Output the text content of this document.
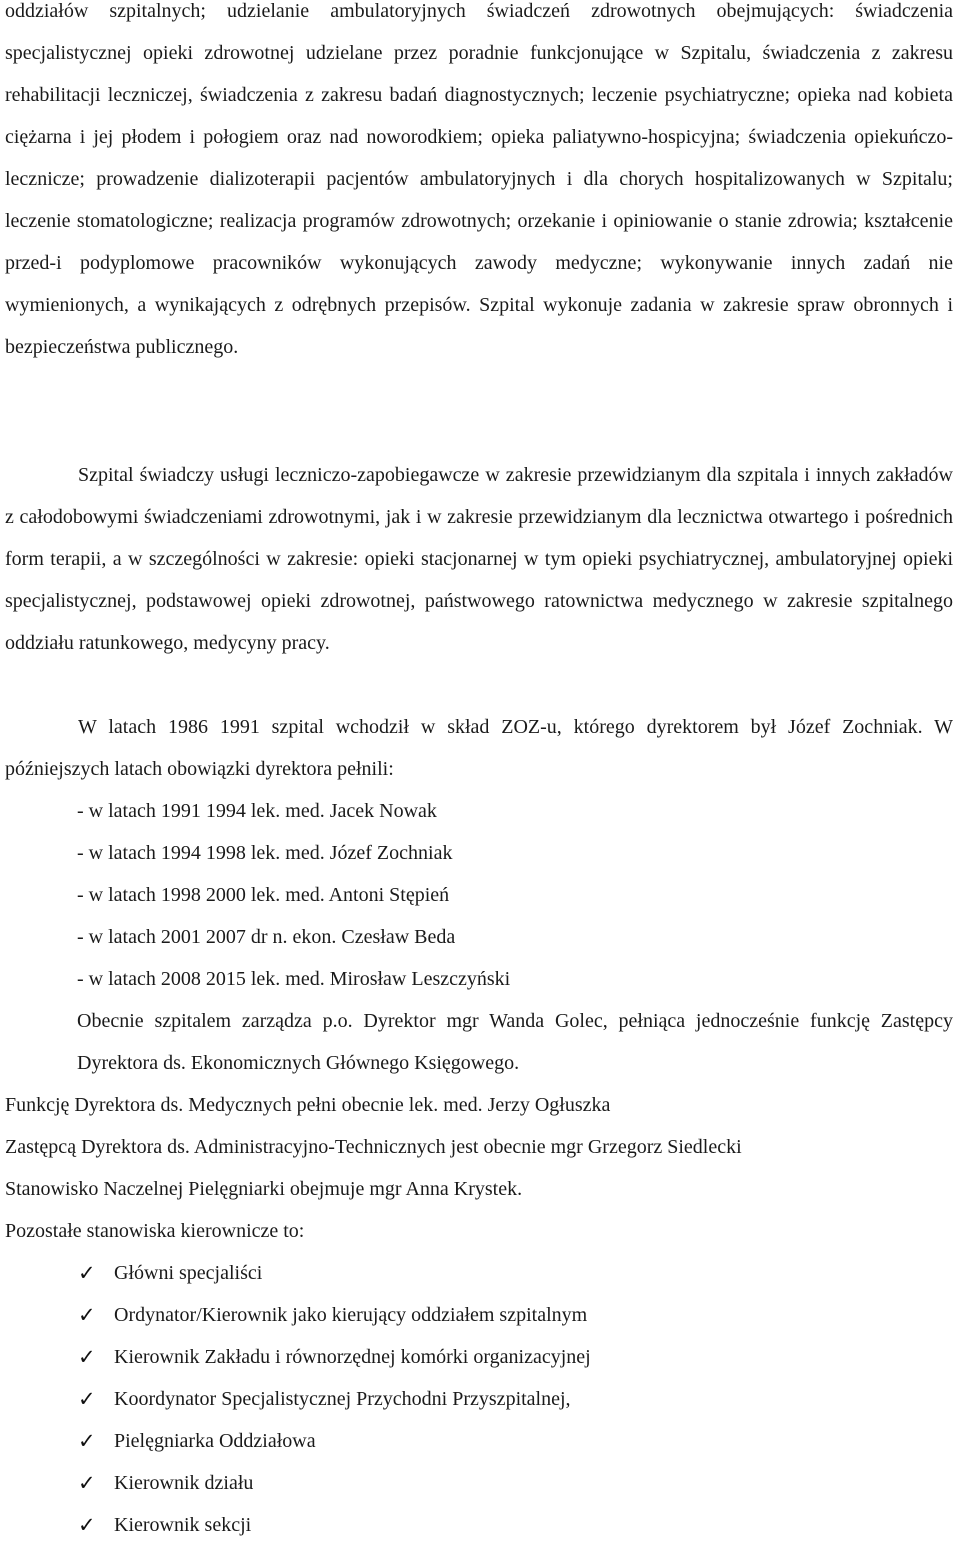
oddziałów szpitalnych; udzielanie ambulatoryjnych świadczeń zdrowotnych obejmujących: świadczenia specjalistycznej opieki zdrowotnej udzielane przez poradnie funkcjonujące w Szpitalu, świadczenia z zakresu rehabilitacji leczniczej, świadczenia z zakresu badań diagnostycznych; leczenie psychiatryczne; opieka nad kobieta ciężarna i jej płodem i połogiem oraz nad noworodkiem; opieka paliatywno-hospicyjna; świadczenia opiekuńczo-lecznicze; prowadzenie dializoterapii pacjentów ambulatoryjnych i dla chorych hospitalizowanych w Szpitalu; leczenie stomatologiczne; realizacja programów zdrowotnych; orzekanie i opiniowanie o stanie zdrowia; kształcenie przed-i podyplomowe pracowników wykonujących zawody medyczne; wykonywanie innych zadań nie wymienionych, a wynikających z odrębnych przepisów. Szpital wykonuje zadania w zakresie spraw obronnych i bezpieczeństwa publicznego.

Szpital świadczy usługi leczniczo-zapobiegawcze w zakresie przewidzianym dla szpitala i innych zakładów z całodobowymi świadczeniami zdrowotnymi, jak i w zakresie przewidzianym dla lecznictwa otwartego i pośrednich form terapii, a w szczególności w zakresie: opieki stacjonarnej w tym opieki psychiatrycznej, ambulatoryjnej opieki specjalistycznej, podstawowej opieki zdrowotnej, państwowego ratownictwa medycznego w zakresie szpitalnego oddziału ratunkowego, medycyny pracy.

W latach 1986 1991 szpital wchodził w skład ZOZ-u, którego dyrektorem był Józef Zochniak. W późniejszych latach obowiązki dyrektora pełnili:

- w latach 1991 1994 lek. med. Jacek Nowak
- w latach 1994 1998 lek. med. Józef Zochniak
- w latach 1998 2000 lek. med. Antoni Stępień
- w latach 2001 2007 dr n. ekon. Czesław Beda
- w latach 2008 2015 lek. med. Mirosław Leszczyński

Obecnie szpitalem zarządza p.o. Dyrektor mgr Wanda Golec, pełniąca jednocześnie funkcję Zastępcy Dyrektora ds. Ekonomicznych Głównego Księgowego.

Funkcję Dyrektora ds. Medycznych pełni obecnie lek. med. Jerzy Ogłuszka

Zastępcą Dyrektora ds. Administracyjno-Technicznych jest obecnie mgr Grzegorz Siedlecki

Stanowisko Naczelnej Pielęgniarki obejmuje mgr Anna Krystek.

Pozostałe stanowiska kierownicze to:

✓ Główni specjaliści
✓ Ordynator/Kierownik jako kierujący oddziałem szpitalnym
✓ Kierownik Zakładu i równorzędnej komórki organizacyjnej
✓ Koordynator Specjalistycznej Przychodni Przyszpitalnej,
✓ Pielęgniarka Oddziałowa
✓ Kierownik działu
✓ Kierownik sekcji
